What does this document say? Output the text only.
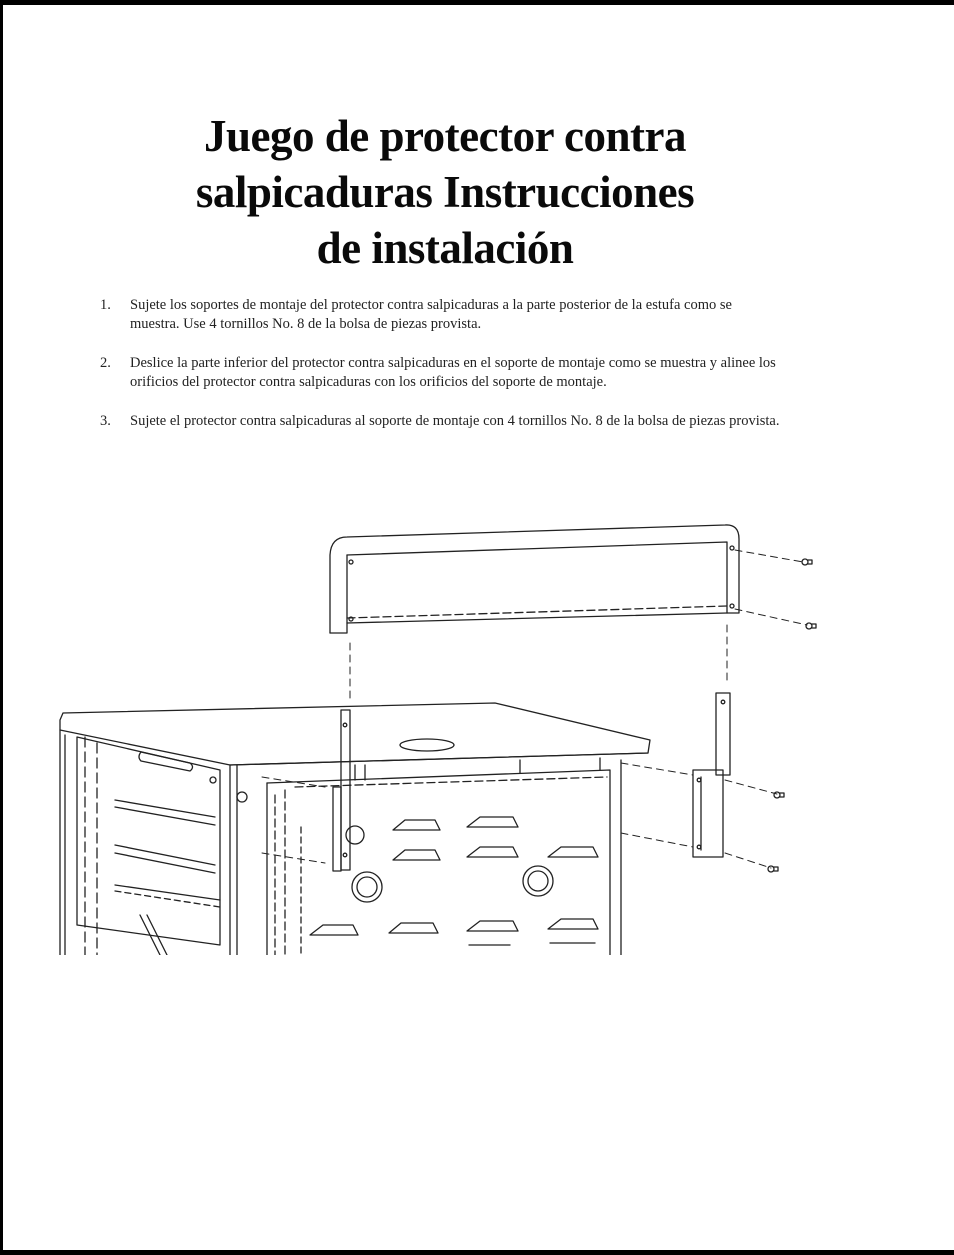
Juego de protector contra
salpicaduras Instrucciones
de instalación
1. Sujete los soportes de montaje del protector contra salpicaduras a la parte posterior de la estufa como se muestra. Use 4 tornillos No. 8 de la bolsa de piezas provista.
2. Deslice la parte inferior del protector contra salpicaduras en el soporte de montaje como se muestra y alinee los orificios del protector contra salpicaduras con los orificios del soporte de montaje.
3. Sujete el protector contra salpicaduras al soporte de montaje con 4 tornillos No. 8 de la bolsa de piezas provista.
